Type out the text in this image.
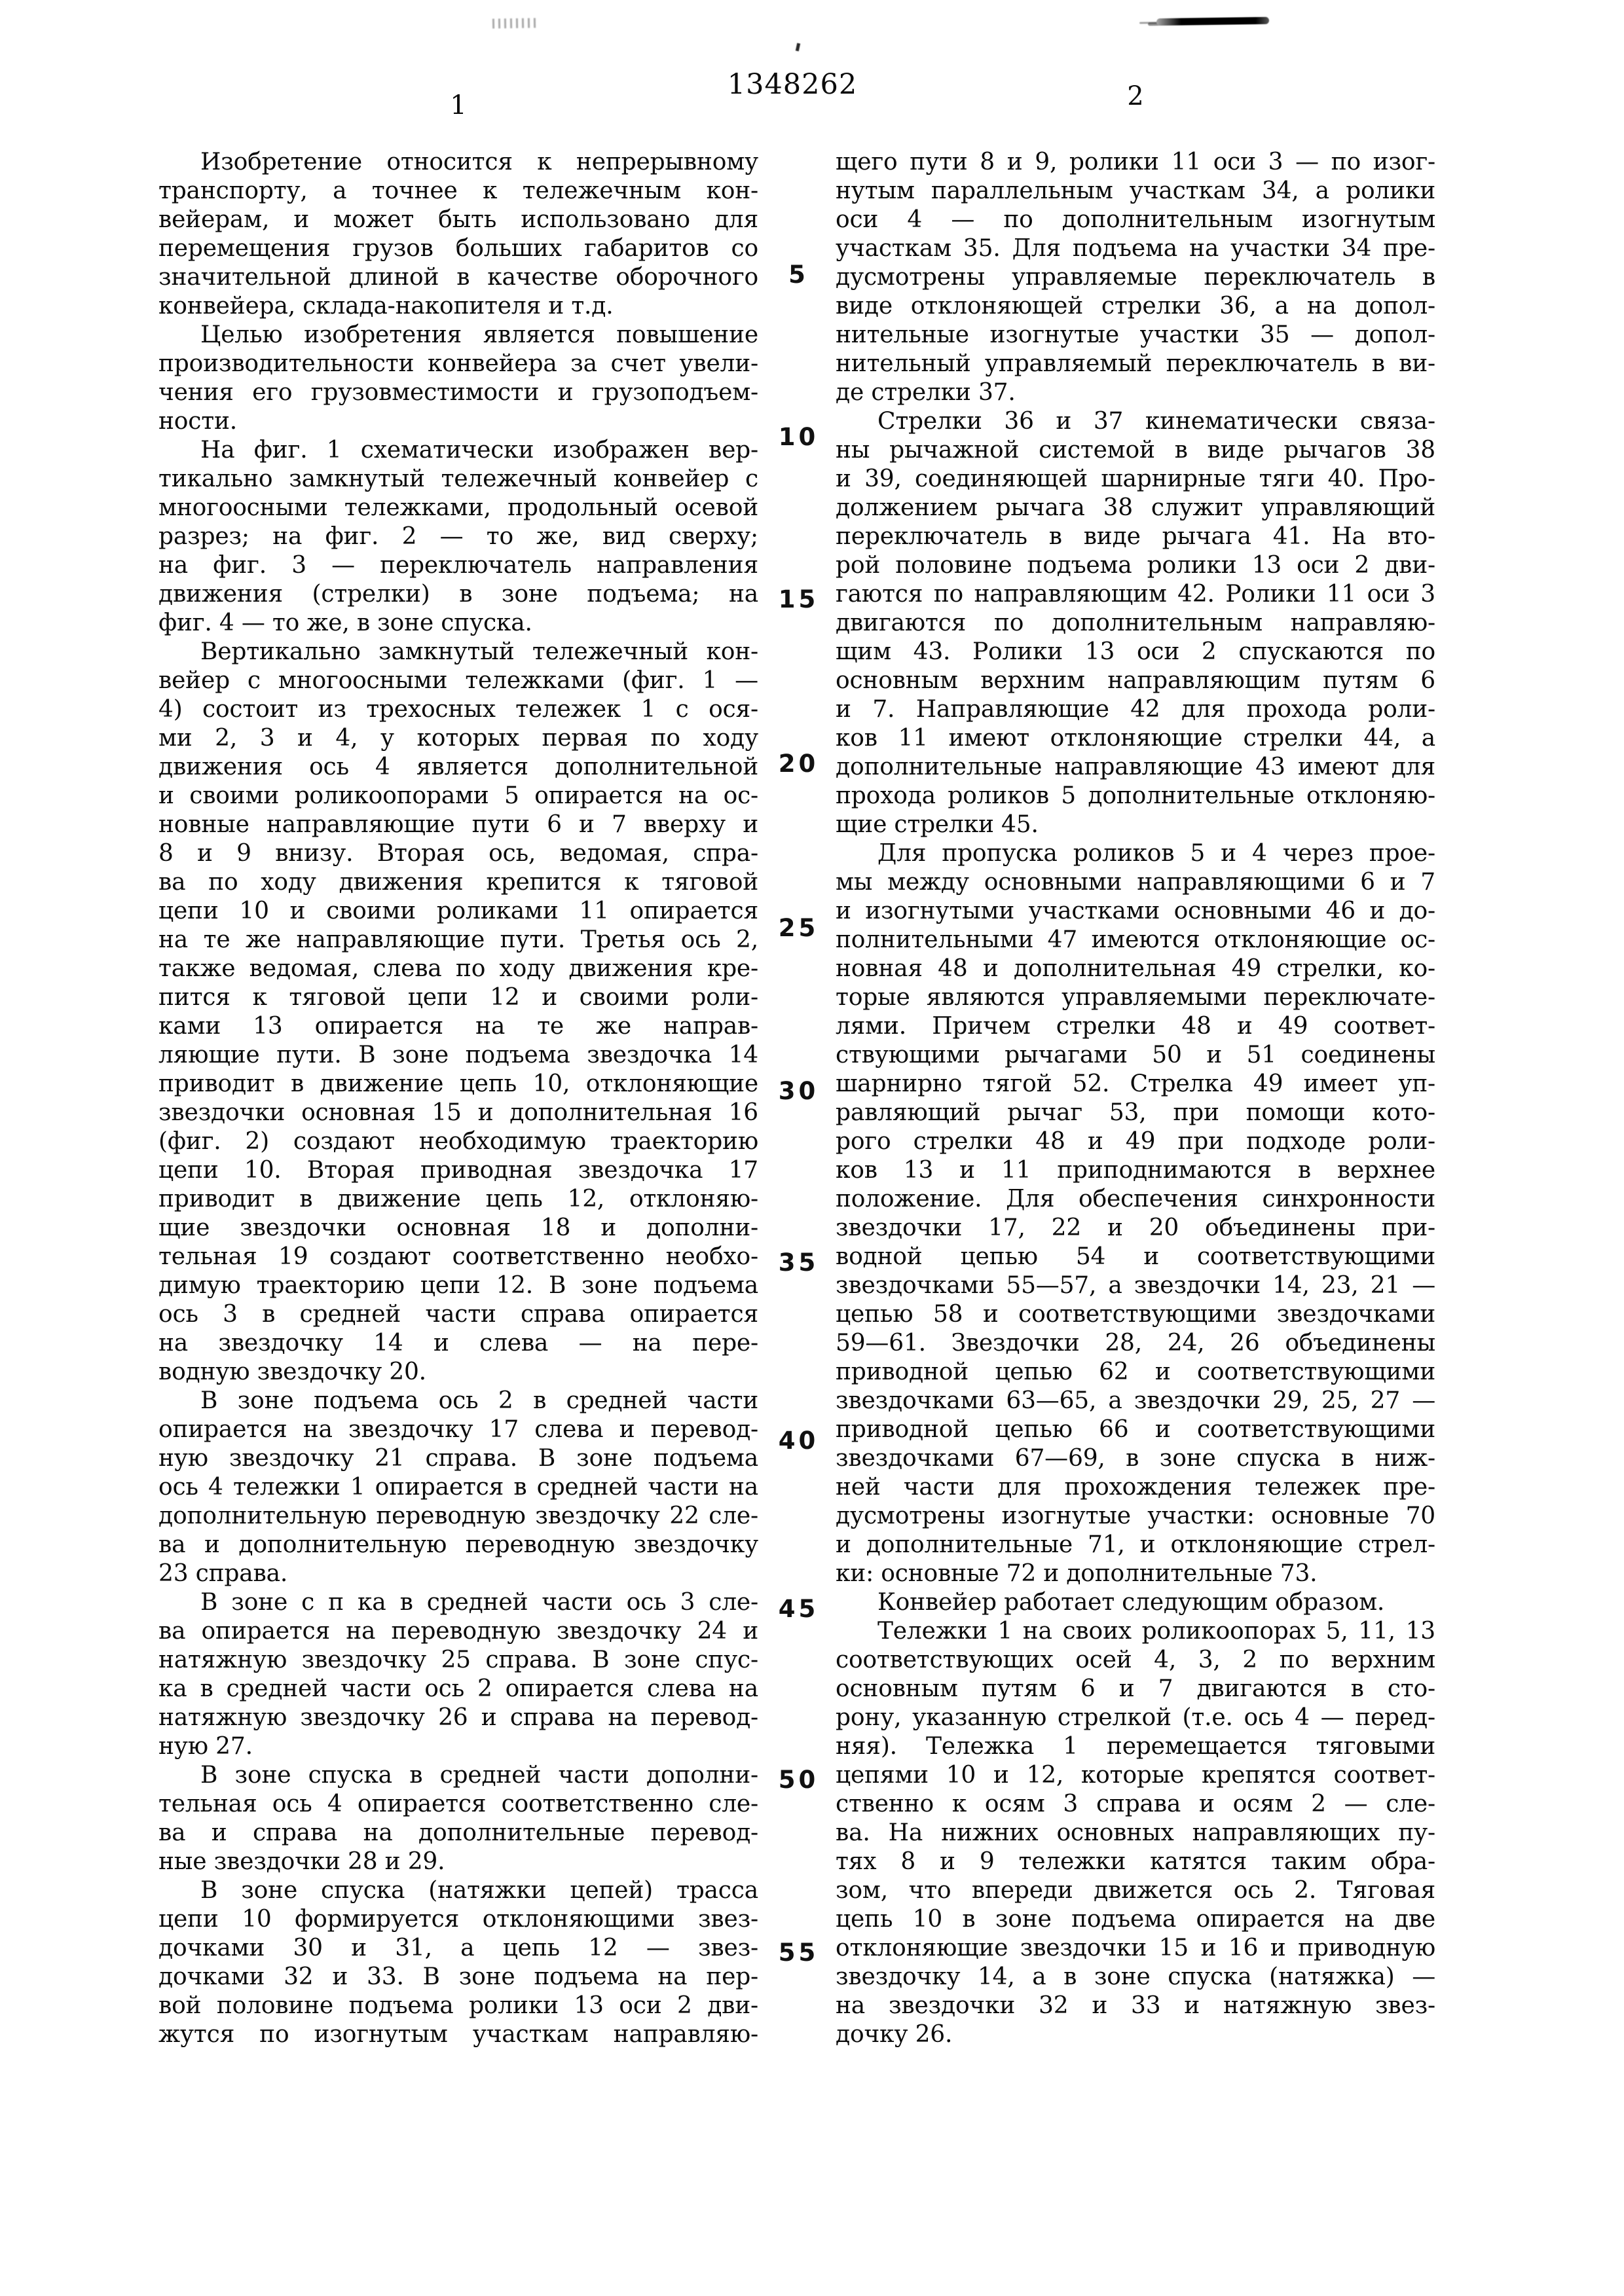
1348262
1	2
Изобретение относится к непрерывному
транспорту, а точнее к тележечным кон-
вейерам, и может быть использовано для
перемещения грузов больших габаритов со
значительной длиной в качестве оборочного
конвейера, склада-накопителя и т.д.
Целью изобретения является повышение
производительности конвейера за счет увели-
чения его грузовместимости и грузоподъем-
ности.
На фиг. 1 схематически изображен вер-
тикально замкнутый тележечный конвейер с
многоосными тележками, продольный осевой
разрез; на фиг. 2 — то же, вид сверху;
на фиг. 3 — переключатель направления
движения (стрелки) в зоне подъема; на
фиг. 4 — то же, в зоне спуска.
Вертикально замкнутый тележечный кон-
вейер с многоосными тележками (фиг. 1 —
4) состоит из трехосных тележек 1 с ося-
ми 2, 3 и 4, у которых первая по ходу
движения ось 4 является дополнительной
и своими роликоопорами 5 опирается на ос-
новные направляющие пути 6 и 7 вверху и
8 и 9 внизу. Вторая ось, ведомая, спра-
ва по ходу движения крепится к тяговой
цепи 10 и своими роликами 11 опирается
на те же направляющие пути. Третья ось 2,
также ведомая, слева по ходу движения кре-
пится к тяговой цепи 12 и своими роли-
ками 13 опирается на те же направ-
ляющие пути. В зоне подъема звездочка 14
приводит в движение цепь 10, отклоняющие
звездочки основная 15 и дополнительная 16
(фиг. 2) создают необходимую траекторию
цепи 10. Вторая приводная звездочка 17
приводит в движение цепь 12, отклоняю-
щие звездочки основная 18 и дополни-
тельная 19 создают соответственно необхо-
димую траекторию цепи 12. В зоне подъема
ось 3 в средней части справа опирается
на звездочку 14 и слева — на пере-
водную звездочку 20.
В зоне подъема ось 2 в средней части
опирается на звездочку 17 слева и перевод-
ную звездочку 21 справа. В зоне подъема
ось 4 тележки 1 опирается в средней части на
дополнительную переводную звездочку 22 сле-
ва и дополнительную переводную звездочку
23 справа.
В зоне с п ка в средней части ось 3 сле-
ва опирается на переводную звездочку 24 и
натяжную звездочку 25 справа. В зоне спус-
ка в средней части ось 2 опирается слева на
натяжную звездочку 26 и справа на перевод-
ную 27.
В зоне спуска в средней части дополни-
тельная ось 4 опирается соответственно сле-
ва и справа на дополнительные перевод-
ные звездочки 28 и 29.
В зоне спуска (натяжки цепей) трасса
цепи 10 формируется отклоняющими звез-
дочками 30 и 31, а цепь 12 — звез-
дочками 32 и 33. В зоне подъема на пер-
вой половине подъема ролики 13 оси 2 дви-
жутся по изогнутым участкам направляю-
щего пути 8 и 9, ролики 11 оси 3 — по изог-
нутым параллельным участкам 34, а ролики
оси 4 — по дополнительным изогнутым
участкам 35. Для подъема на участки 34 пре-
дусмотрены управляемые переключатель в
виде отклоняющей стрелки 36, а на допол-
нительные изогнутые участки 35 — допол-
нительный управляемый переключатель в ви-
де стрелки 37.
Стрелки 36 и 37 кинематически связа-
ны рычажной системой в виде рычагов 38
и 39, соединяющей шарнирные тяги 40. Про-
должением рычага 38 служит управляющий
переключатель в виде рычага 41. На вто-
рой половине подъема ролики 13 оси 2 дви-
гаются по направляющим 42. Ролики 11 оси 3
двигаются по дополнительным направляю-
щим 43. Ролики 13 оси 2 спускаются по
основным верхним направляющим путям 6
и 7. Направляющие 42 для прохода роли-
ков 11 имеют отклоняющие стрелки 44, а
дополнительные направляющие 43 имеют для
прохода роликов 5 дополнительные отклоняю-
щие стрелки 45.
Для пропуска роликов 5 и 4 через прое-
мы между основными направляющими 6 и 7
и изогнутыми участками основными 46 и до-
полнительными 47 имеются отклоняющие ос-
новная 48 и дополнительная 49 стрелки, ко-
торые являются управляемыми переключате-
лями. Причем стрелки 48 и 49 соответ-
ствующими рычагами 50 и 51 соединены
шарнирно тягой 52. Стрелка 49 имеет уп-
равляющий рычаг 53, при помощи кото-
рого стрелки 48 и 49 при подходе роли-
ков 13 и 11 приподнимаются в верхнее
положение. Для обеспечения синхронности
звездочки 17, 22 и 20 объединены при-
водной цепью 54 и соответствующими
звездочками 55—57, а звездочки 14, 23, 21 —
цепью 58 и соответствующими звездочками
59—61. Звездочки 28, 24, 26 объединены
приводной цепью 62 и соответствующими
звездочками 63—65, а звездочки 29, 25, 27 —
приводной цепью 66 и соответствующими
звездочками 67—69, в зоне спуска в ниж-
ней части для прохождения тележек пре-
дусмотрены изогнутые участки: основные 70
и дополнительные 71, и отклоняющие стрел-
ки: основные 72 и дополнительные 73.
Конвейер работает следующим образом.
Тележки 1 на своих роликоопорах 5, 11, 13
соответствующих осей 4, 3, 2 по верхним
основным путям 6 и 7 двигаются в сто-
рону, указанную стрелкой (т.е. ось 4 — перед-
няя). Тележка 1 перемещается тяговыми
цепями 10 и 12, которые крепятся соответ-
ственно к осям 3 справа и осям 2 — сле-
ва. На нижних основных направляющих пу-
тях 8 и 9 тележки катятся таким обра-
зом, что впереди движется ось 2. Тяговая
цепь 10 в зоне подъема опирается на две
отклоняющие звездочки 15 и 16 и приводную
звездочку 14, а в зоне спуска (натяжка) —
на звездочки 32 и 33 и натяжную звез-
дочку 26.
5
10
15
20
25
30
35
40
45
50
55
